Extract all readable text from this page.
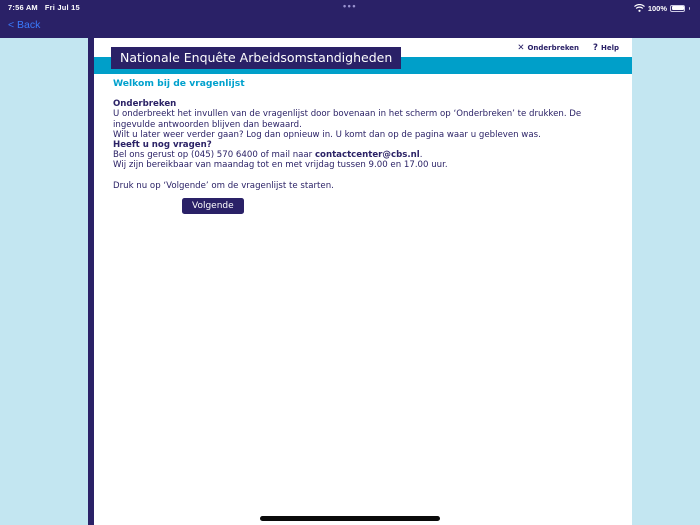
7:56 AM Fri Jul 15	•••	100%
< Back
✕ Onderbreken ? Help
Nationale Enquête Arbeidsomstandigheden
Welkom bij de vragenlijst
Onderbreken
U onderbreekt het invullen van de vragenlijst door bovenaan in het scherm op ‘Onderbreken’ te drukken. De
ingevulde antwoorden blijven dan bewaard.
Wilt u later weer verder gaan? Log dan opnieuw in. U komt dan op de pagina waar u gebleven was.
Heeft u nog vragen?
Bel ons gerust op (045) 570 6400 of mail naar contactcenter@cbs.nl.
Wij zijn bereikbaar van maandag tot en met vrijdag tussen 9.00 en 17.00 uur.
Druk nu op ‘Volgende’ om de vragenlijst te starten.
Volgende
